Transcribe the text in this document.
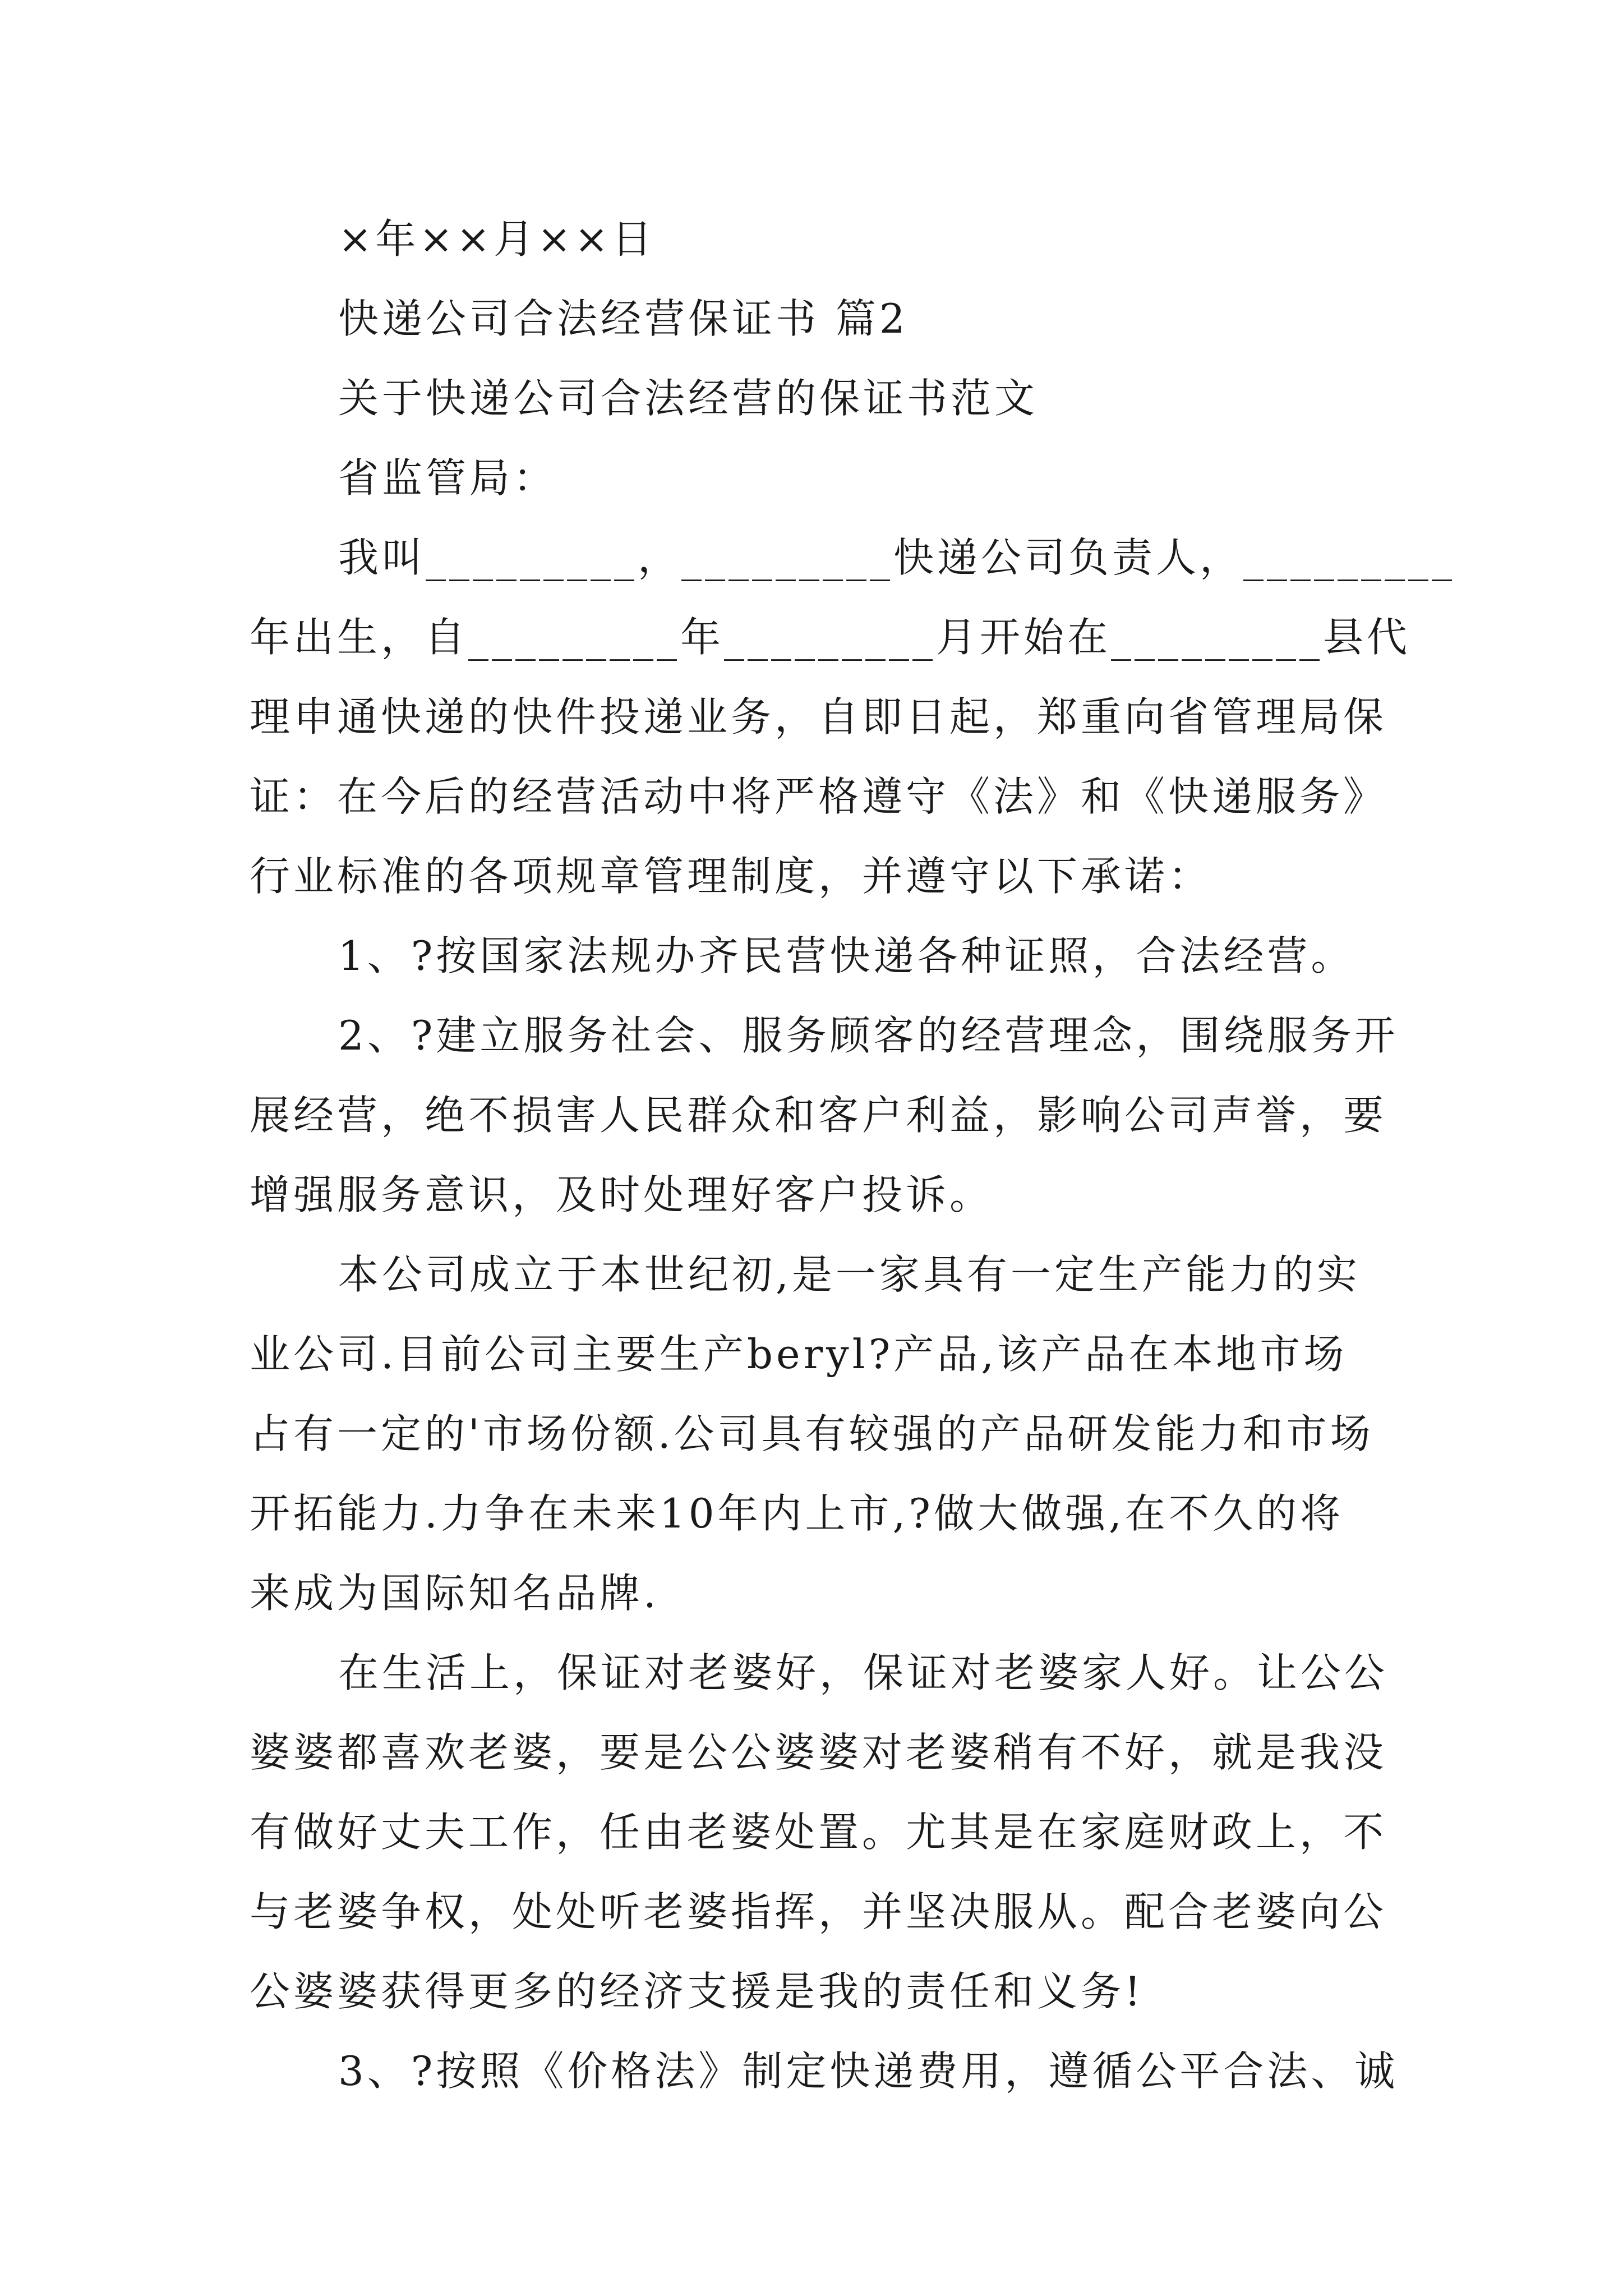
×年××月××日
快递公司合法经营保证书 篇2
关于快递公司合法经营的保证书范文
省监管局：
我叫_________，_________快递公司负责人，_________
年出生，自_________年_________月开始在_________县代
理申通快递的快件投递业务，自即日起，郑重向省管理局保
证：在今后的经营活动中将严格遵守《法》和《快递服务》
行业标准的各项规章管理制度，并遵守以下承诺：
1、?按国家法规办齐民营快递各种证照，合法经营。
2、?建立服务社会、服务顾客的经营理念，围绕服务开
展经营，绝不损害人民群众和客户利益，影响公司声誉，要
增强服务意识，及时处理好客户投诉。
本公司成立于本世纪初,是一家具有一定生产能力的实
业公司.目前公司主要生产beryl?产品,该产品在本地市场
占有一定的'市场份额.公司具有较强的产品研发能力和市场
开拓能力.力争在未来10年内上市,?做大做强,在不久的将
来成为国际知名品牌.
在生活上，保证对老婆好，保证对老婆家人好。让公公
婆婆都喜欢老婆，要是公公婆婆对老婆稍有不好，就是我没
有做好丈夫工作，任由老婆处置。尤其是在家庭财政上，不
与老婆争权，处处听老婆指挥，并坚决服从。配合老婆向公
公婆婆获得更多的经济支援是我的责任和义务!
3、?按照《价格法》制定快递费用，遵循公平合法、诚
